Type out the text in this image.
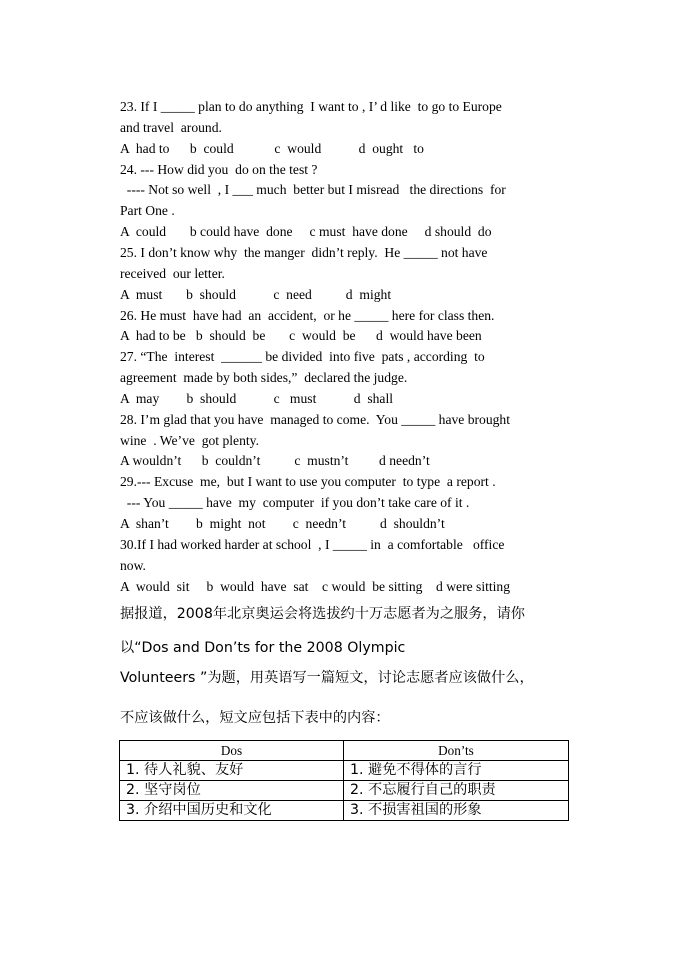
23. If I _____ plan to do anything  I want to , I’ d like  to go to Europe
and travel  around.
A  had to      b  could            c  would           d  ought   to
24. --- How did you  do on the test ?
---- Not so well  , I ___ much  better but I misread   the directions  for
Part One .
A  could       b could have  done     c must  have done     d should  do
25. I don’t know why  the manger  didn’t reply.  He _____ not have
received  our letter.
A  must       b  should           c  need          d  might
26. He must  have had  an  accident,  or he _____ here for class then.
A  had to be   b  should  be       c  would  be      d  would have been
27. “The  interest  ______ be divided  into five  pats , according  to
agreement  made by both sides,”  declared the judge.
A  may        b  should           c   must           d  shall
28. I’m glad that you have  managed to come.  You _____ have brought
wine  . We’ve  got plenty.
A wouldn’t      b  couldn’t          c  mustn’t         d needn’t
29.--- Excuse  me,  but I want to use you computer  to type  a report .
--- You _____ have  my  computer  if you don’t take care of it .
A  shan’t        b  might  not        c  needn’t          d  shouldn’t
30.If I had worked harder at school  , I _____ in  a comfortable   office
now.
A  would  sit     b  would  have  sat    c would  be sitting    d were sitting
据报道，2008年北京奥运会将选拔约十万志愿者为之服务，请你
以“Dos and Don’ts for the 2008 Olympic
Volunteers ”为题，用英语写一篇短文，讨论志愿者应该做什么，
不应该做什么，短文应包括下表中的内容：
Dos	Don’ts
1. 待人礼貌、友好	1. 避免不得体的言行
2. 坚守岗位	2. 不忘履行自己的职责
3. 介绍中国历史和文化	3. 不损害祖国的形象
